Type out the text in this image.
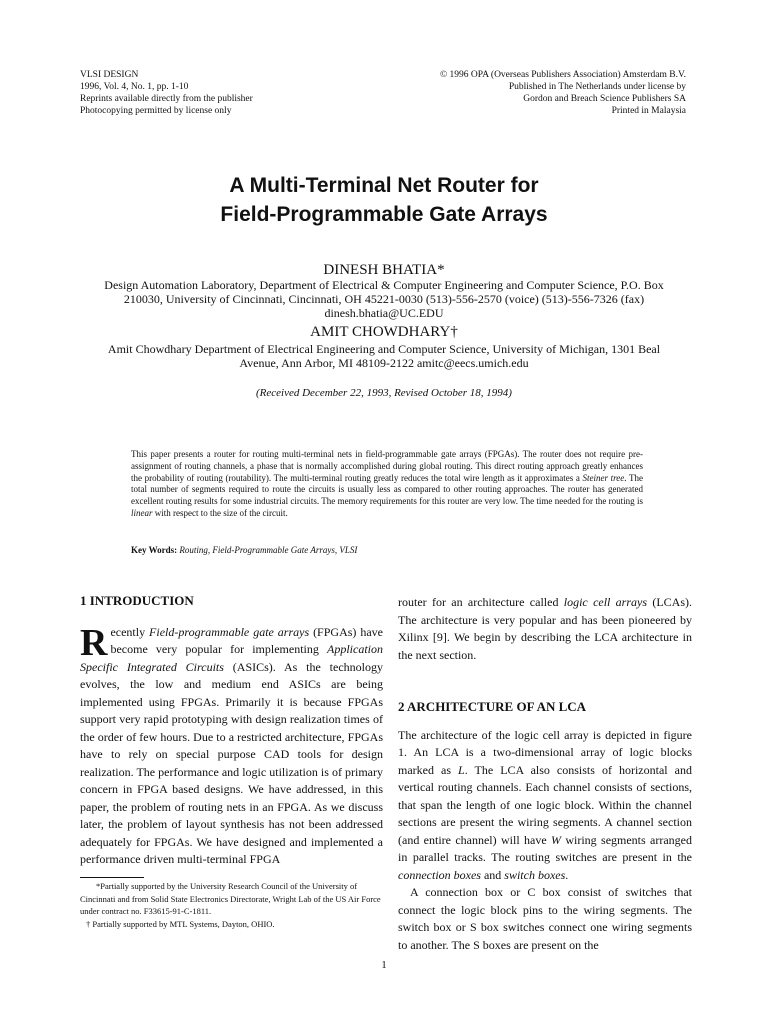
VLSI DESIGN
1996, Vol. 4, No. 1, pp. 1-10
Reprints available directly from the publisher
Photocopying permitted by license only
© 1996 OPA (Overseas Publishers Association) Amsterdam B.V.
Published in The Netherlands under license by
Gordon and Breach Science Publishers SA
Printed in Malaysia
A Multi-Terminal Net Router for
Field-Programmable Gate Arrays
DINESH BHATIA*
Design Automation Laboratory, Department of Electrical & Computer Engineering and Computer Science, P.O. Box
210030, University of Cincinnati, Cincinnati, OH 45221-0030 (513)-556-2570 (voice) (513)-556-7326 (fax)
dinesh.bhatia@UC.EDU
AMIT CHOWDHARY†
Amit Chowdhary Department of Electrical Engineering and Computer Science, University of Michigan, 1301 Beal
Avenue, Ann Arbor, MI 48109-2122 amitc@eecs.umich.edu
(Received December 22, 1993, Revised October 18, 1994)

This paper presents a router for routing multi-terminal nets in field-programmable gate arrays (FPGAs). The router does not require pre-assignment of routing channels, a phase that is normally accomplished during global routing. This direct routing approach greatly enhances the probability of routing (routability). The multi-terminal routing greatly reduces the total wire length as it approximates a Steiner tree. The total number of segments required to route the circuits is usually less as compared to other routing approaches. The router has generated excellent routing results for some industrial circuits. The memory requirements for this router are very low. The time needed for the routing is linear with respect to the size of the circuit.

Key Words: Routing, Field-Programmable Gate Arrays, VLSI

1 INTRODUCTION

Recently Field-programmable gate arrays (FPGAs) have become very popular for implementing Application Specific Integrated Circuits (ASICs). As the technology evolves, the low and medium end ASICs are being implemented using FPGAs. Primarily it is because FPGAs support very rapid prototyping with design realization times of the order of few hours. Due to a restricted architecture, FPGAs have to rely on special purpose CAD tools for design realization. The performance and logic utilization is of primary concern in FPGA based designs. We have addressed, in this paper, the problem of routing nets in an FPGA. As we discuss later, the problem of layout synthesis has not been addressed adequately for FPGAs. We have designed and implemented a performance driven multi-terminal FPGA

*Partially supported by the University Research Council of the University of Cincinnati and from Solid State Electronics Directorate, Wright Lab of the US Air Force under contract no. F33615-91-C-1811.

† Partially supported by MTL Systems, Dayton, OHIO.

router for an architecture called logic cell arrays (LCAs). The architecture is very popular and has been pioneered by Xilinx [9]. We begin by describing the LCA architecture in the next section.

2 ARCHITECTURE OF AN LCA

The architecture of the logic cell array is depicted in figure 1. An LCA is a two-dimensional array of logic blocks marked as L. The LCA also consists of horizontal and vertical routing channels. Each channel consists of sections, that span the length of one logic block. Within the channel sections are present the wiring segments. A channel section (and entire channel) will have W wiring segments arranged in parallel tracks. The routing switches are present in the connection boxes and switch boxes.

A connection box or C box consist of switches that connect the logic block pins to the wiring segments. The switch box or S box switches connect one wiring segments to another. The S boxes are present on the

1
